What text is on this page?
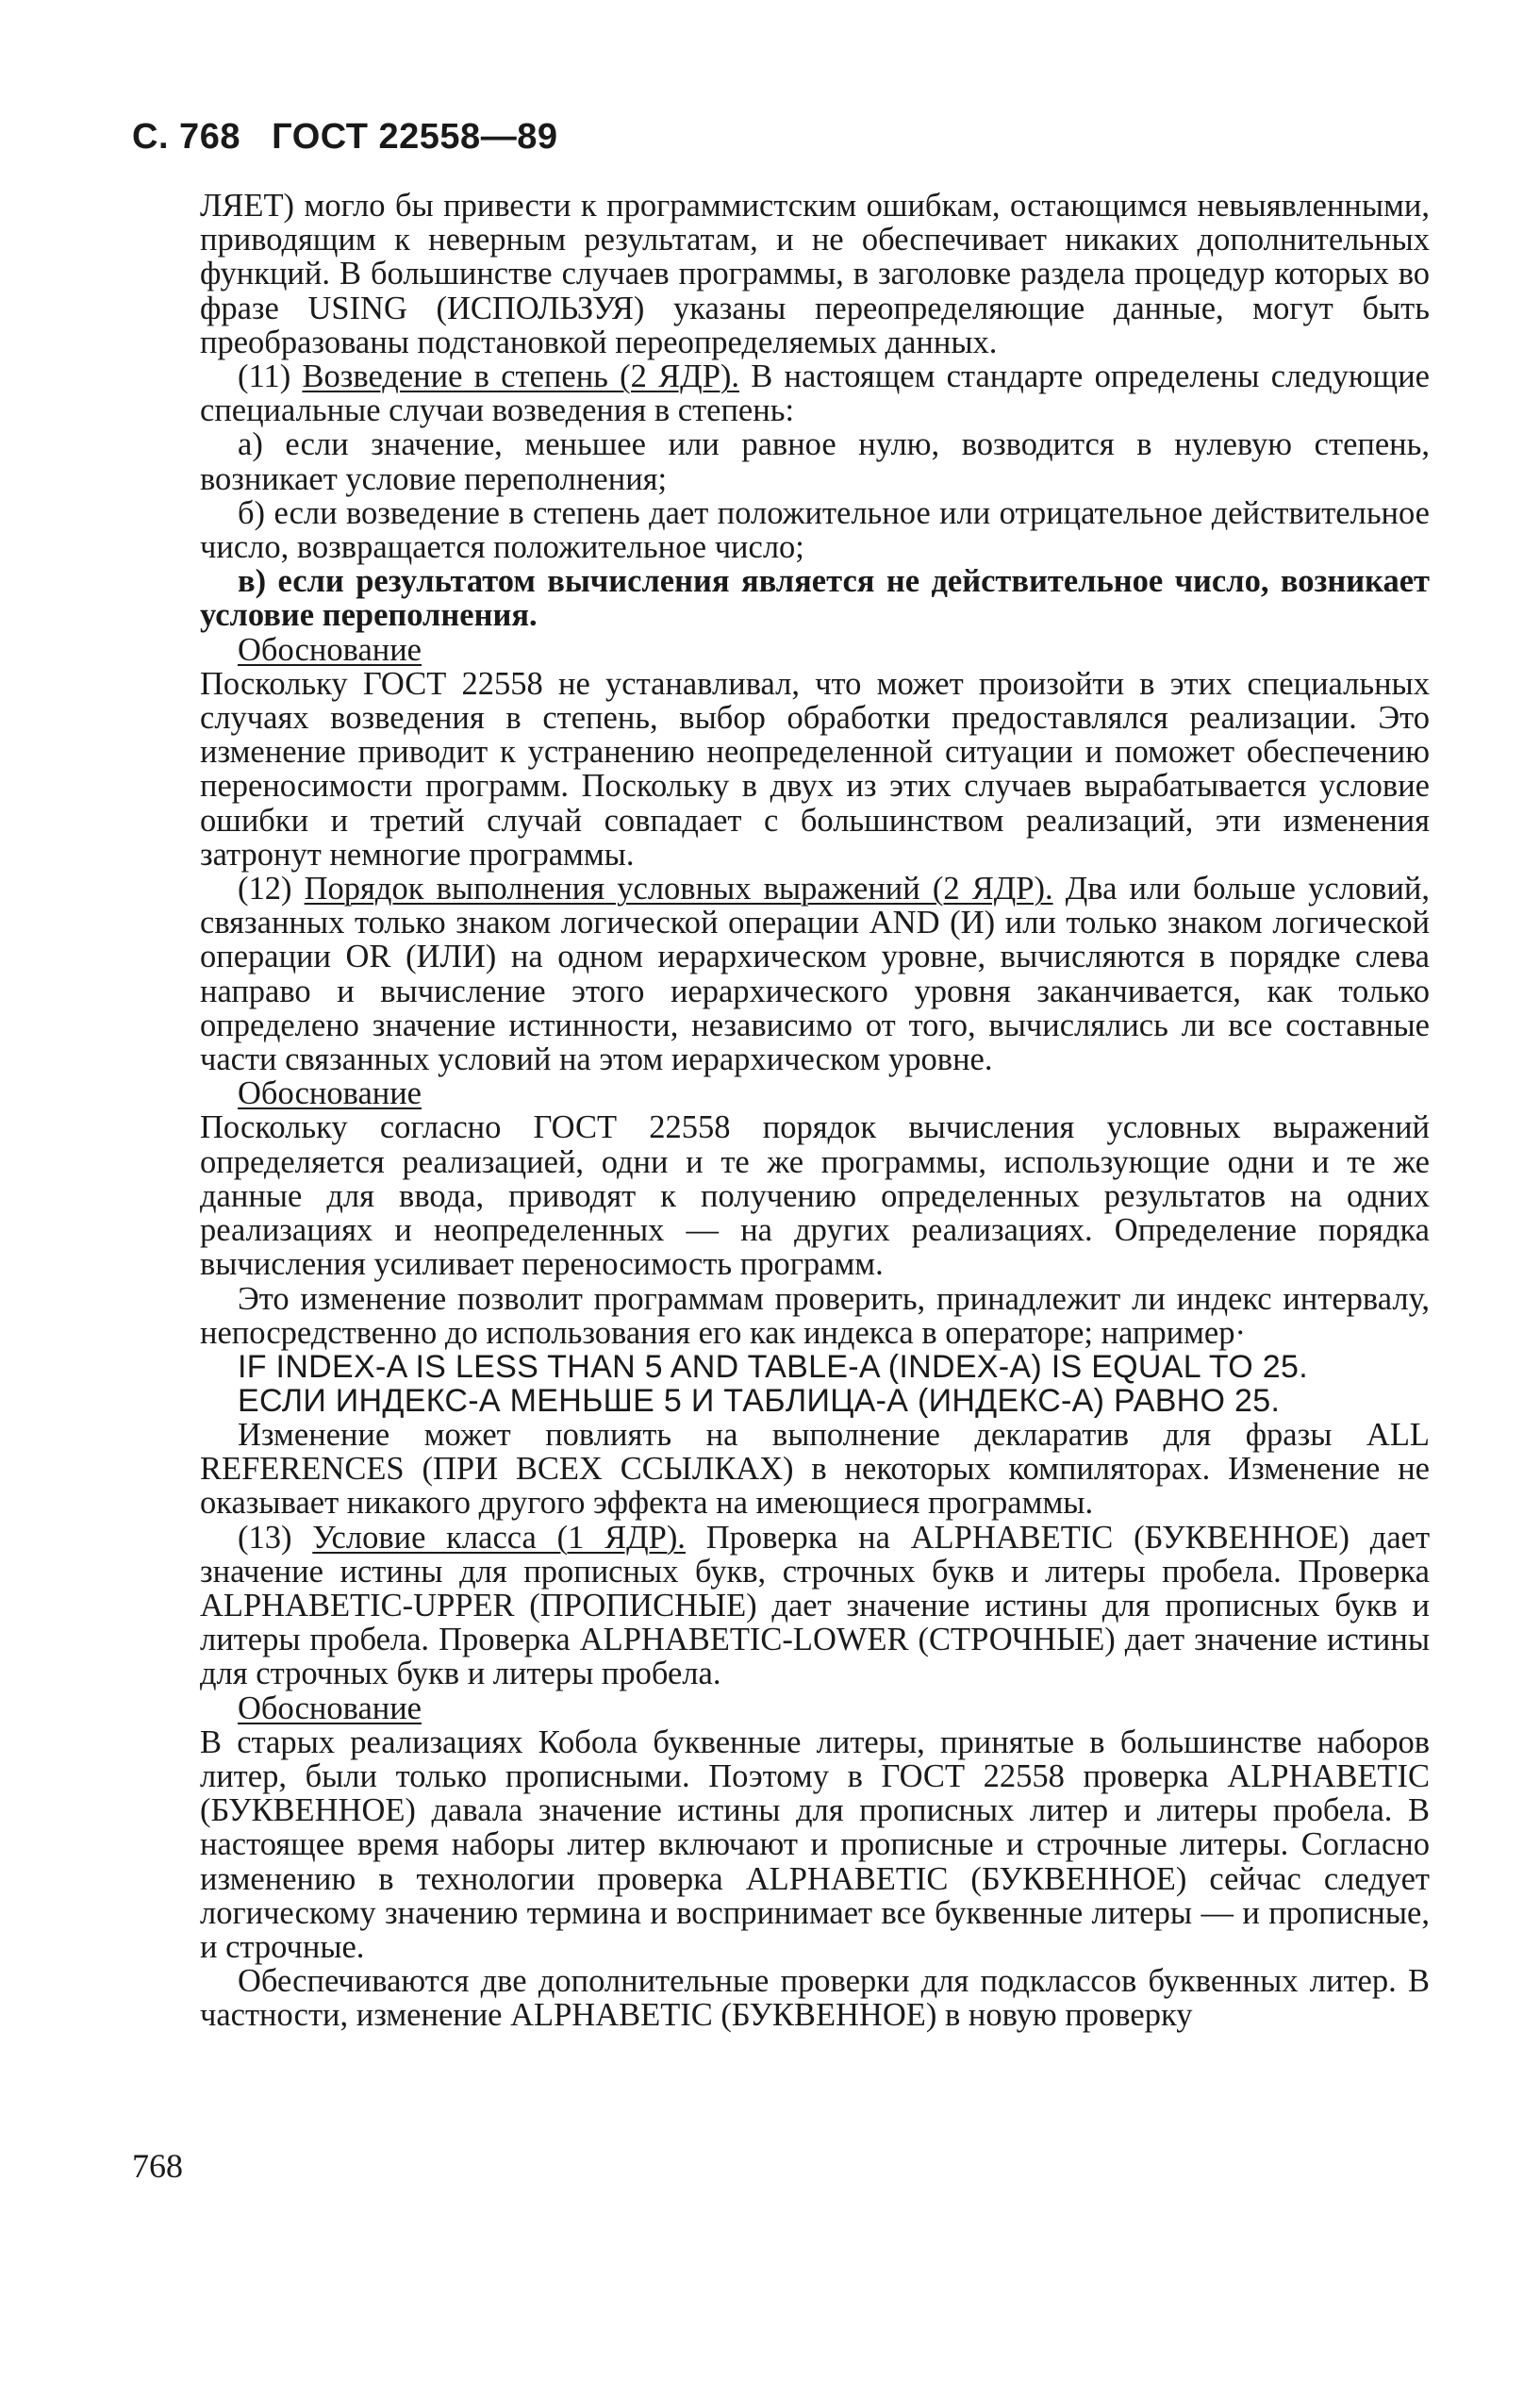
С. 768 ГОСТ 22558—89

ЛЯЕТ) могло бы привести к программистским ошибкам, остающимся невыявленными, приводящим к неверным результатам, и не обеспечивает никаких дополнительных функций. В большинстве случаев программы, в заголовке раздела процедур которых во фразе USING (ИСПОЛЬЗУЯ) указаны переопределяющие данные, могут быть преобразованы подстановкой переопределяемых данных.

(11) Возведение в степень (2 ЯДР). В настоящем стандарте определены следующие специальные случаи возведения в степень:

а) если значение, меньшее или равное нулю, возводится в нулевую степень, возникает условие переполнения;

б) если возведение в степень дает положительное или отрицательное действительное число, возвращается положительное число;

в) если результатом вычисления является не действительное число, возникает условие переполнения.

Обоснование

Поскольку ГОСТ 22558 не устанавливал, что может произойти в этих специальных случаях возведения в степень, выбор обработки предоставлялся реализации. Это изменение приводит к устранению неопределенной ситуации и поможет обеспечению переносимости программ. Поскольку в двух из этих случаев вырабатывается условие ошибки и третий случай совпадает с большинством реализаций, эти изменения затронут немногие программы.

(12) Порядок выполнения условных выражений (2 ЯДР). Два или больше условий, связанных только знаком логической операции AND (И) или только знаком логической операции OR (ИЛИ) на одном иерархическом уровне, вычисляются в порядке слева направо и вычисление этого иерархического уровня заканчивается, как только определено значение истинности, независимо от того, вычислялись ли все составные части связанных условий на этом иерархическом уровне.

Обоснование

Поскольку согласно ГОСТ 22558 порядок вычисления условных выражений определяется реализацией, одни и те же программы, использующие одни и те же данные для ввода, приводят к получению определенных результатов на одних реализациях и неопределенных — на других реализациях. Определение порядка вычисления усиливает переносимость программ.

Это изменение позволит программам проверить, принадлежит ли индекс интервалу, непосредственно до использования его как индекса в операторе; например·

IF INDEX-A IS LESS THAN 5 AND TABLE-A (INDEX-A) IS EQUAL TO 25.

ЕСЛИ ИНДЕКС-А МЕНЬШЕ 5 И ТАБЛИЦА-А (ИНДЕКС-А) РАВНО 25.

Изменение может повлиять на выполнение декларатив для фразы ALL REFERENCES (ПРИ ВСЕХ ССЫЛКАХ) в некоторых компиляторах. Изменение не оказывает никакого другого эффекта на имеющиеся программы.

(13) Условие класса (1 ЯДР). Проверка на ALPHABETIC (БУКВЕННОЕ) дает значение истины для прописных букв, строчных букв и литеры пробела. Проверка ALPHABETIC-UPPER (ПРОПИСНЫЕ) дает значение истины для прописных букв и литеры пробела. Проверка ALPHABETIC-LOWER (СТРОЧНЫЕ) дает значение истины для строчных букв и литеры пробела.

Обоснование

В старых реализациях Кобола буквенные литеры, принятые в большинстве наборов литер, были только прописными. Поэтому в ГОСТ 22558 проверка ALPHABETIC (БУКВЕННОЕ) давала значение истины для прописных литер и литеры пробела. В настоящее время наборы литер включают и прописные и строчные литеры. Согласно изменению в технологии проверка ALPHABETIC (БУКВЕННОЕ) сейчас следует логическому значению термина и воспринимает все буквенные литеры — и прописные, и строчные.

Обеспечиваются две дополнительные проверки для подклассов буквенных литер. В частности, изменение ALPHABETIC (БУКВЕННОЕ) в новую проверку

768
